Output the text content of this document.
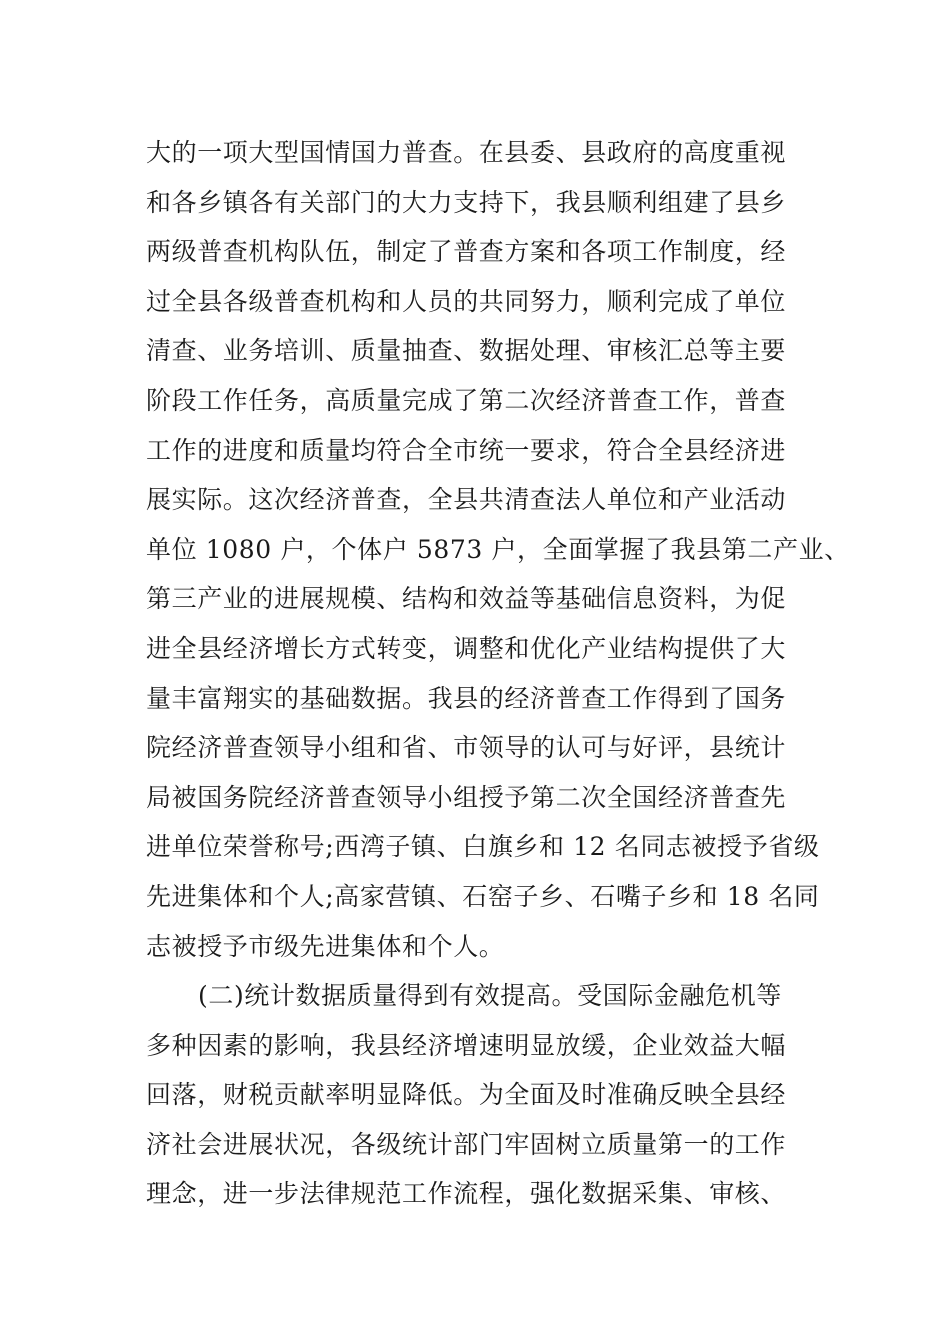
大的一项大型国情国力普查。在县委、县政府的高度重视
和各乡镇各有关部门的大力支持下，我县顺利组建了县乡
两级普查机构队伍，制定了普查方案和各项工作制度，经
过全县各级普查机构和人员的共同努力，顺利完成了单位
清查、业务培训、质量抽查、数据处理、审核汇总等主要
阶段工作任务，高质量完成了第二次经济普查工作，普查
工作的进度和质量均符合全市统一要求，符合全县经济进
展实际。这次经济普查，全县共清查法人单位和产业活动
单位 1080 户，个体户 5873 户，全面掌握了我县第二产业、
第三产业的进展规模、结构和效益等基础信息资料，为促
进全县经济增长方式转变，调整和优化产业结构提供了大
量丰富翔实的基础数据。我县的经济普查工作得到了国务
院经济普查领导小组和省、市领导的认可与好评，县统计
局被国务院经济普查领导小组授予第二次全国经济普查先
进单位荣誉称号;西湾子镇、白旗乡和 12 名同志被授予省级
先进集体和个人;高家营镇、石窑子乡、石嘴子乡和 18 名同
志被授予市级先进集体和个人。
(二)统计数据质量得到有效提高。受国际金融危机等
多种因素的影响，我县经济增速明显放缓，企业效益大幅
回落，财税贡献率明显降低。为全面及时准确反映全县经
济社会进展状况，各级统计部门牢固树立质量第一的工作
理念，进一步法律规范工作流程，强化数据采集、审核、
